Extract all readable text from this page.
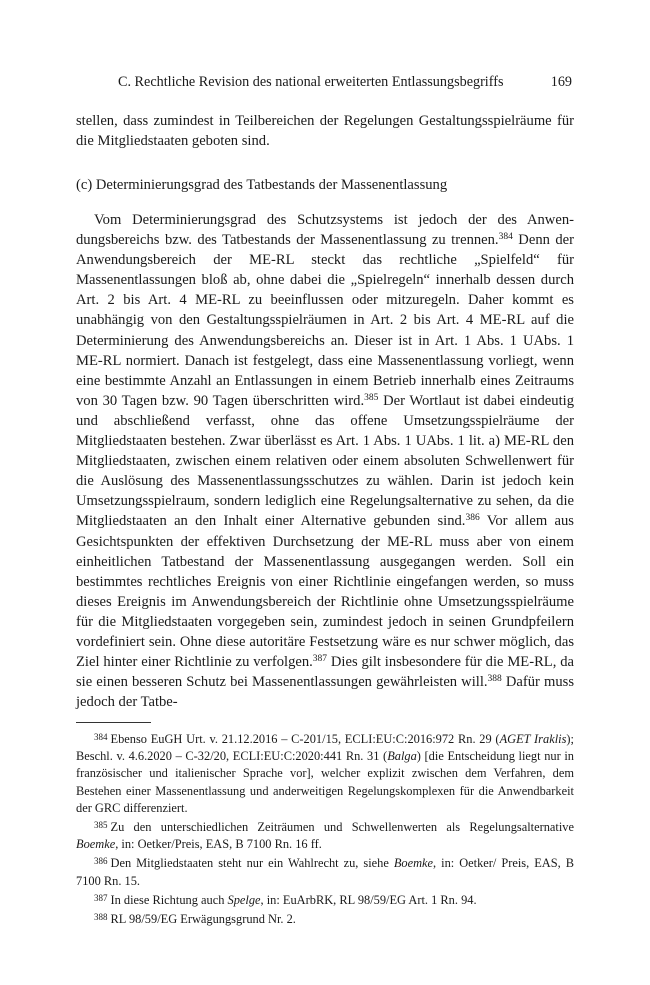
C. Rechtliche Revision des national erweiterten Entlassungsbegriffs	169

stellen, dass zumindest in Teilbereichen der Regelungen Gestaltungsspielräume für die Mitgliedstaaten geboten sind.

(c) Determinierungsgrad des Tatbestands der Massenentlassung

Vom Determinierungsgrad des Schutzsystems ist jedoch der des Anwendungsbereichs bzw. des Tatbestands der Massenentlassung zu trennen.$^{384}$ Denn der Anwendungsbereich der ME-RL steckt das rechtliche „Spielfeld“ für Massenentlassungen bloß ab, ohne dabei die „Spielregeln“ innerhalb dessen durch Art. 2 bis Art. 4 ME-RL zu beeinflussen oder mitzuregeln. Daher kommt es unabhängig von den Gestaltungsspielräumen in Art. 2 bis Art. 4 ME-RL auf die Determinierung des Anwendungsbereichs an. Dieser ist in Art. 1 Abs. 1 UAbs. 1 ME-RL normiert. Danach ist festgelegt, dass eine Massenentlassung vorliegt, wenn eine bestimmte Anzahl an Entlassungen in einem Betrieb innerhalb eines Zeitraums von 30 Tagen bzw. 90 Tagen überschritten wird.$^{385}$ Der Wortlaut ist dabei eindeutig und abschließend verfasst, ohne das offene Umsetzungsspielräume der Mitgliedstaaten bestehen. Zwar überlässt es Art. 1 Abs. 1 UAbs. 1 lit. a) ME-RL den Mitgliedstaaten, zwischen einem relativen oder einem absoluten Schwellenwert für die Auslösung des Massenentlassungsschutzes zu wählen. Darin ist jedoch kein Umsetzungsspielraum, sondern lediglich eine Regelungsalternative zu sehen, da die Mitgliedstaaten an den Inhalt einer Alternative gebunden sind.$^{386}$ Vor allem aus Gesichtspunkten der effektiven Durchsetzung der ME-RL muss aber von einem einheitlichen Tatbestand der Massenentlassung ausgegangen werden. Soll ein bestimmtes rechtliches Ereignis von einer Richtlinie eingefangen werden, so muss dieses Ereignis im Anwendungsbereich der Richtlinie ohne Umsetzungsspielräume für die Mitgliedstaaten vorgegeben sein, zumindest jedoch in seinen Grundpfeilern vordefiniert sein. Ohne diese autoritäre Festsetzung wäre es nur schwer möglich, das Ziel hinter einer Richtlinie zu verfolgen.$^{387}$ Dies gilt insbesondere für die ME-RL, da sie einen besseren Schutz bei Massenentlassungen gewährleisten will.$^{388}$ Dafür muss jedoch der Tatbe-

$^{384}$ Ebenso EuGH Urt. v. 21.12.2016 – C-201/15, ECLI:EU:C:2016:972 Rn. 29 (AGET Iraklis); Beschl. v. 4.6.2020 – C-32/20, ECLI:EU:C:2020:441 Rn. 31 (Balga) [die Entscheidung liegt nur in französischer und italienischer Sprache vor], welcher explizit zwischen dem Verfahren, dem Bestehen einer Massenentlassung und anderweitigen Regelungskomplexen für die Anwendbarkeit der GRC differenziert.

$^{385}$ Zu den unterschiedlichen Zeiträumen und Schwellenwerten als Regelungsalternative Boemke, in: Oetker/Preis, EAS, B 7100 Rn. 16 ff.

$^{386}$ Den Mitgliedstaaten steht nur ein Wahlrecht zu, siehe Boemke, in: Oetker/ Preis, EAS, B 7100 Rn. 15.

$^{387}$ In diese Richtung auch Spelge, in: EuArbRK, RL 98/59/EG Art. 1 Rn. 94.

$^{388}$ RL 98/59/EG Erwägungsgrund Nr. 2.
